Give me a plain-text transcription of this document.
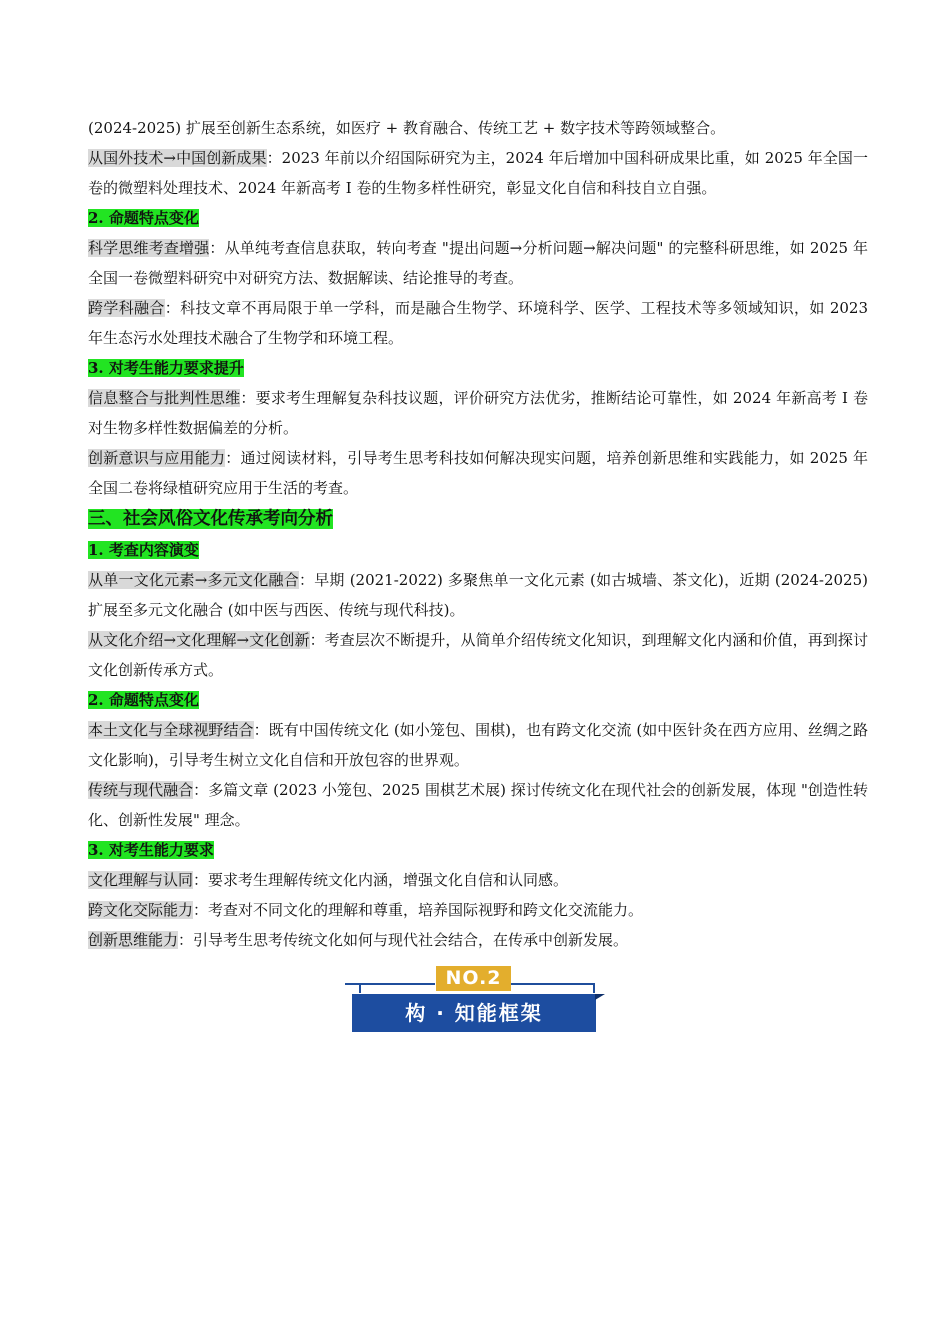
(2024-2025) 扩展至创新生态系统，如医疗 + 教育融合、传统工艺 + 数字技术等跨领域整合。

从国外技术→中国创新成果：2023 年前以介绍国际研究为主，2024 年后增加中国科研成果比重，如 2025 年全国一卷的微塑料处理技术、2024 年新高考 I 卷的生物多样性研究，彰显文化自信和科技自立自强。

2. 命题特点变化

科学思维考查增强：从单纯考查信息获取，转向考查 "提出问题→分析问题→解决问题" 的完整科研思维，如 2025 年全国一卷微塑料研究中对研究方法、数据解读、结论推导的考查。

跨学科融合：科技文章不再局限于单一学科，而是融合生物学、环境科学、医学、工程技术等多领域知识，如 2023 年生态污水处理技术融合了生物学和环境工程。

3. 对考生能力要求提升

信息整合与批判性思维：要求考生理解复杂科技议题，评价研究方法优劣，推断结论可靠性，如 2024 年新高考 I 卷对生物多样性数据偏差的分析。

创新意识与应用能力：通过阅读材料，引导考生思考科技如何解决现实问题，培养创新思维和实践能力，如 2025 年全国二卷将绿植研究应用于生活的考查。

三、社会风俗文化传承考向分析

1. 考查内容演变

从单一文化元素→多元文化融合：早期 (2021-2022) 多聚焦单一文化元素 (如古城墙、茶文化)，近期 (2024-2025) 扩展至多元文化融合 (如中医与西医、传统与现代科技)。

从文化介绍→文化理解→文化创新：考查层次不断提升，从简单介绍传统文化知识，到理解文化内涵和价值，再到探讨文化创新传承方式。

2. 命题特点变化

本土文化与全球视野结合：既有中国传统文化 (如小笼包、围棋)，也有跨文化交流 (如中医针灸在西方应用、丝绸之路文化影响)，引导考生树立文化自信和开放包容的世界观。

传统与现代融合：多篇文章 (2023 小笼包、2025 围棋艺术展) 探讨传统文化在现代社会的创新发展，体现 "创造性转化、创新性发展" 理念。

3. 对考生能力要求

文化理解与认同：要求考生理解传统文化内涵，增强文化自信和认同感。

跨文化交际能力：考查对不同文化的理解和尊重，培养国际视野和跨文化交流能力。

创新思维能力：引导考生思考传统文化如何与现代社会结合，在传承中创新发展。

NO.2
构 · 知能框架
